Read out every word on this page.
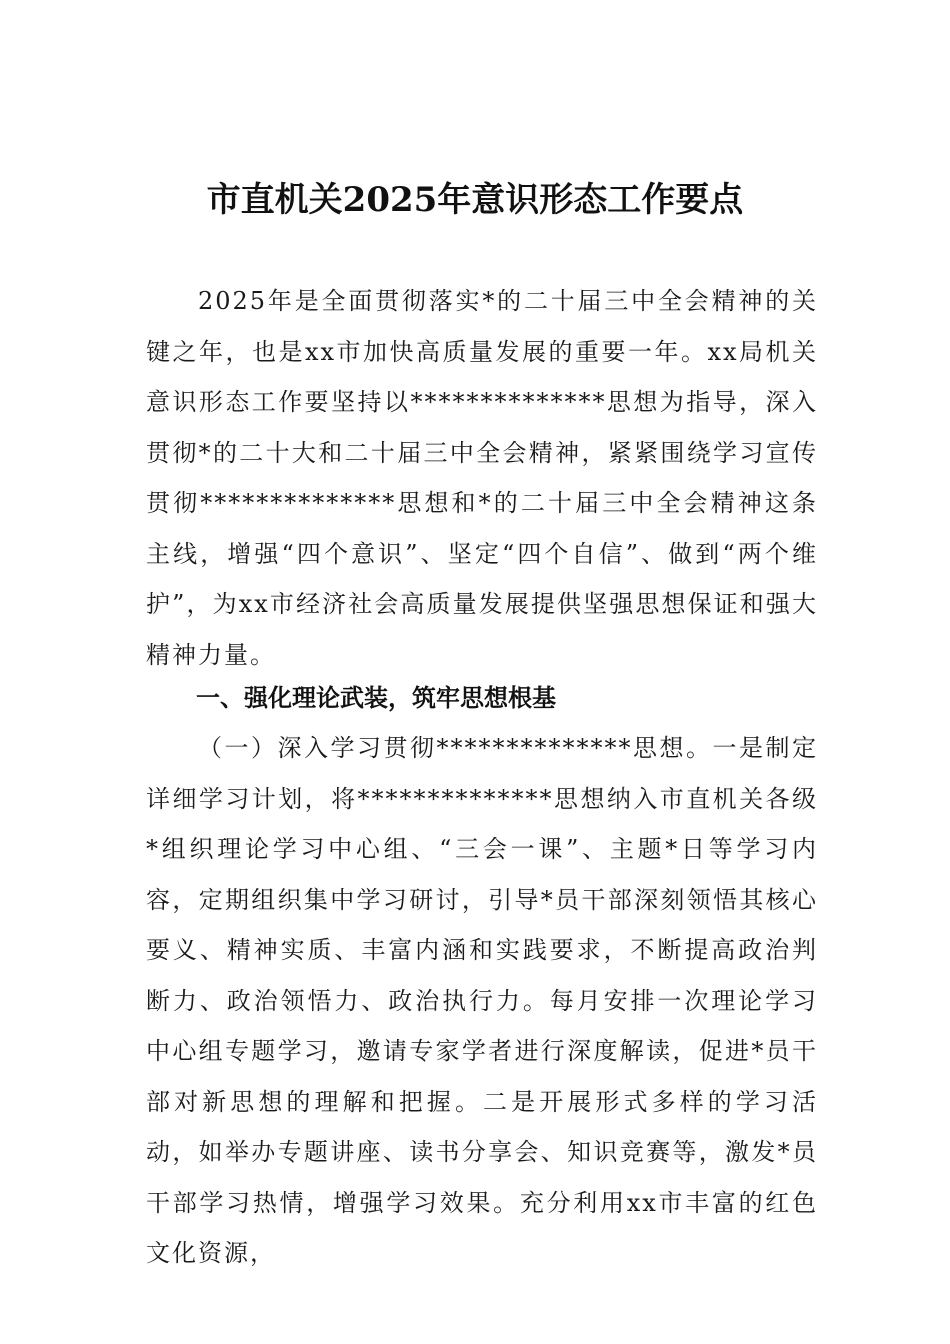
市直机关2025年意识形态工作要点

2025年是全面贯彻落实*的二十届三中全会精神的关键之年，也是xx市加快高质量发展的重要一年。xx局机关意识形态工作要坚持以**************思想为指导，深入贯彻*的二十大和二十届三中全会精神，紧紧围绕学习宣传贯彻**************思想和*的二十届三中全会精神这条主线，增强“四个意识”、坚定“四个自信”、做到“两个维护”，为xx市经济社会高质量发展提供坚强思想保证和强大精神力量。

一、强化理论武装，筑牢思想根基

（一）深入学习贯彻**************思想。一是制定详细学习计划，将**************思想纳入市直机关各级*组织理论学习中心组、“三会一课”、主题*日等学习内容，定期组织集中学习研讨，引导*员干部深刻领悟其核心要义、精神实质、丰富内涵和实践要求，不断提高政治判断力、政治领悟力、政治执行力。每月安排一次理论学习中心组专题学习，邀请专家学者进行深度解读，促进*员干部对新思想的理解和把握。二是开展形式多样的学习活动，如举办专题讲座、读书分享会、知识竞赛等，激发*员干部学习热情，增强学习效果。充分利用xx市丰富的红色文化资源，
